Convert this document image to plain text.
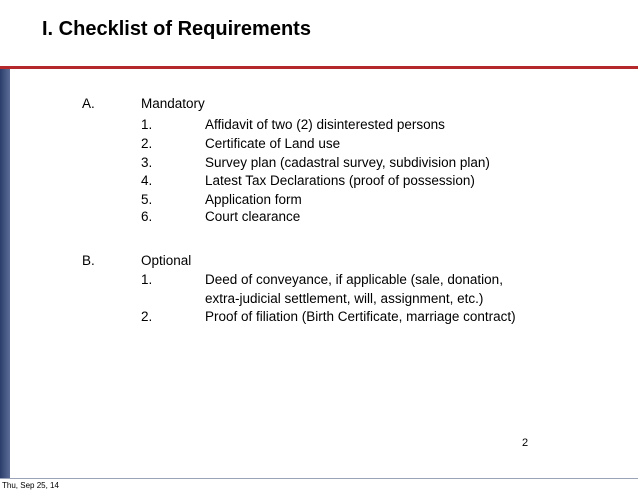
I. Checklist of Requirements
A.	Mandatory
1.	Affidavit of two (2) disinterested persons
2.	Certificate of Land use
3.	Survey plan (cadastral survey, subdivision plan)
4.	Latest Tax Declarations (proof of possession)
5.	Application form
6.	Court clearance
B.	Optional
1.	Deed of conveyance, if applicable (sale, donation,
extra-judicial settlement, will, assignment, etc.)
2.	Proof of filiation (Birth Certificate, marriage contract)
2
Thu, Sep 25, 14
